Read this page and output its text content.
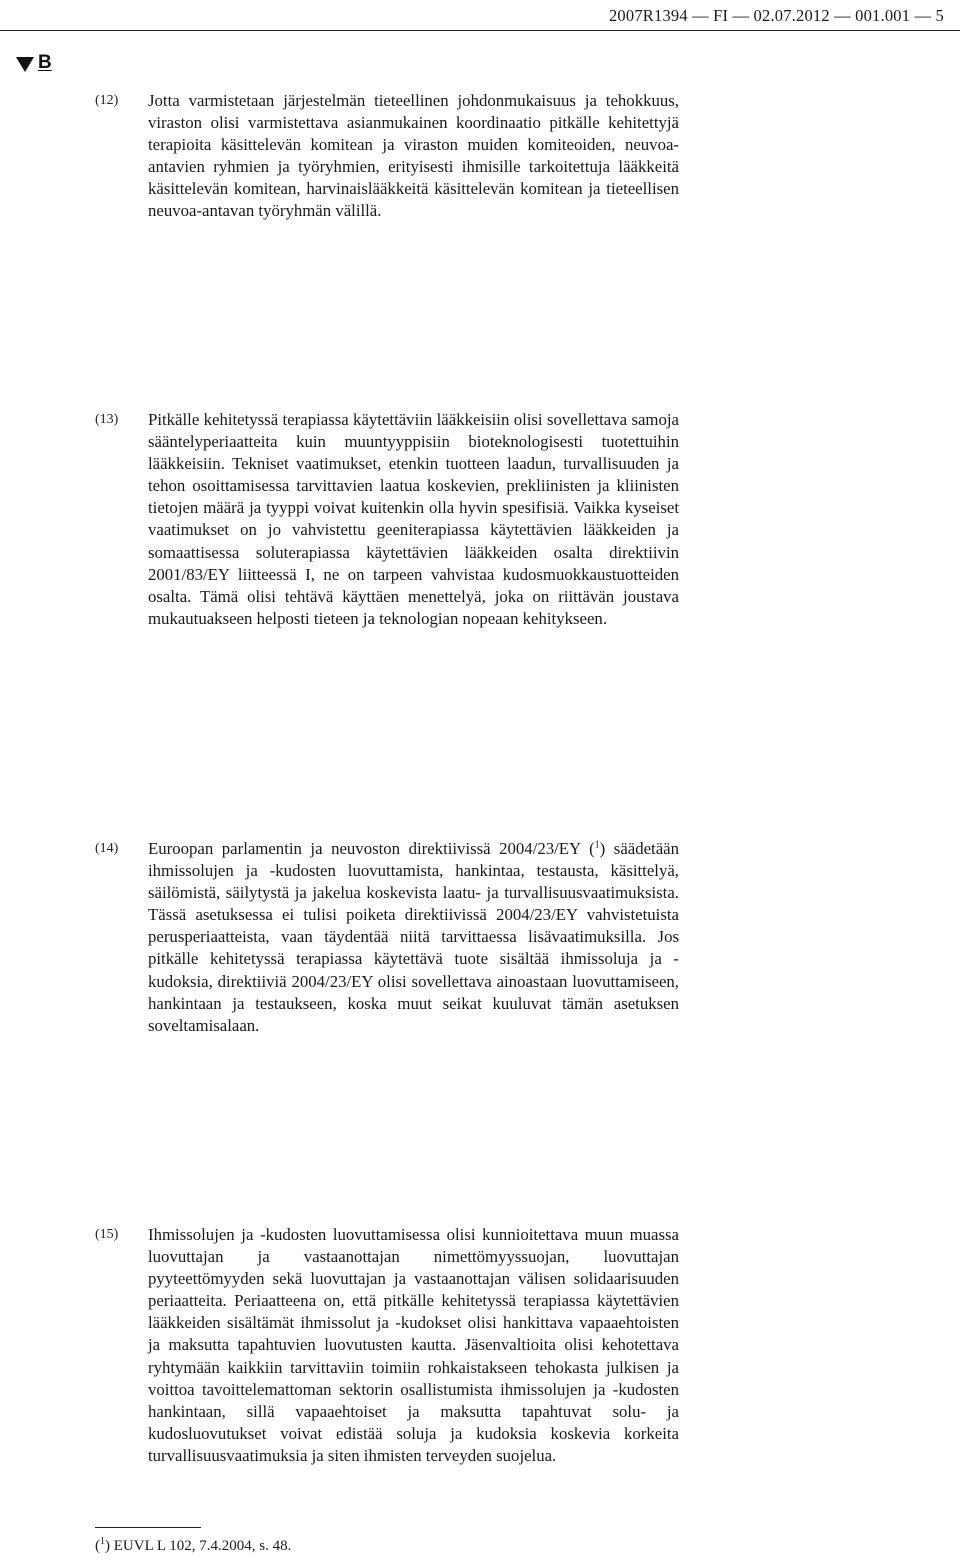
2007R1394 — FI — 02.07.2012 — 001.001 — 5
B
(12) Jotta varmistetaan järjestelmän tieteellinen johdonmukaisuus ja tehokkuus, viraston olisi varmistettava asianmukainen koordinaatio pitkälle kehitettyjä terapioita käsittelevän komitean ja viraston muiden komiteoiden, neuvoa-antavien ryhmien ja työryhmien, erityisesti ihmisille tarkoitettuja lääkkeitä käsittelevän komitean, harvinaislääkkeitä käsittelevän komitean ja tieteellisen neuvoa-antavan työryhmän välillä.

(13) Pitkälle kehitetyssä terapiassa käytettäviin lääkkeisiin olisi sovellettava samoja sääntelyperiaatteita kuin muuntyyppisiin bioteknologisesti tuotettuihin lääkkeisiin. Tekniset vaatimukset, etenkin tuotteen laadun, turvallisuuden ja tehon osoittamisessa tarvittavien laatua koskevien, prekliinisten ja kliinisten tietojen määrä ja tyyppi voivat kuitenkin olla hyvin spesifisiä. Vaikka kyseiset vaatimukset on jo vahvistettu geeniterapiassa käytettävien lääkkeiden ja somaattisessa soluterapiassa käytettävien lääkkeiden osalta direktiivin 2001/83/EY liitteessä I, ne on tarpeen vahvistaa kudosmuokkaustuotteiden osalta. Tämä olisi tehtävä käyttäen menettelyä, joka on riittävän joustava mukautuakseen helposti tieteen ja teknologian nopeaan kehitykseen.

(14) Euroopan parlamentin ja neuvoston direktiivissä 2004/23/EY ($^1$) säädetään ihmissolujen ja -kudosten luovuttamista, hankintaa, testausta, käsittelyä, säilömistä, säilytystä ja jakelua koskevista laatu- ja turvallisuusvaatimuksista. Tässä asetuksessa ei tulisi poiketa direktiivissä 2004/23/EY vahvistetuista perusperiaatteista, vaan täydentää niitä tarvittaessa lisävaatimuksilla. Jos pitkälle kehitetyssä terapiassa käytettävä tuote sisältää ihmissoluja ja - kudoksia, direktiiviä 2004/23/EY olisi sovellettava ainoastaan luovuttamiseen, hankintaan ja testaukseen, koska muut seikat kuuluvat tämän asetuksen soveltamisalaan.

(15) Ihmissolujen ja -kudosten luovuttamisessa olisi kunnioitettava muun muassa luovuttajan ja vastaanottajan nimettömyyssuojan, luovuttajan pyyteettömyyden sekä luovuttajan ja vastaanottajan välisen solidaarisuuden periaatteita. Periaatteena on, että pitkälle kehitetyssä terapiassa käytettävien lääkkeiden sisältämät ihmissolut ja -kudokset olisi hankittava vapaaehtoisten ja maksutta tapahtuvien luovutusten kautta. Jäsenvaltioita olisi kehotettava ryhtymään kaikkiin tarvittaviin toimiin rohkaistakseen tehokasta julkisen ja voittoa tavoittelemattoman sektorin osallistumista ihmissolujen ja -kudosten hankintaan, sillä vapaaehtoiset ja maksutta tapahtuvat solu- ja kudosluovutukset voivat edistää soluja ja kudoksia koskevia korkeita turvallisuusvaatimuksia ja siten ihmisten terveyden suojelua.

($^1$) EUVL L 102, 7.4.2004, s. 48.
